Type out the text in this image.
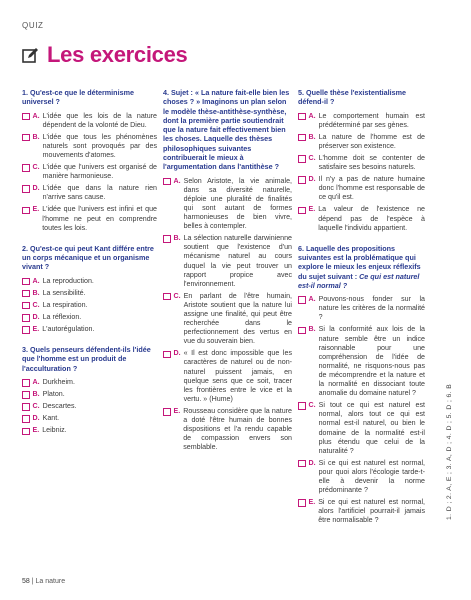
QUIZ
Les exercices
1. Qu'est-ce que le déterminisme universel ?
A. L'idée que les lois de la nature dépendent de la volonté de Dieu.
B. L'idée que tous les phénomènes naturels sont provoqués par des mouvements d'atomes.
C. L'idée que l'univers est organisé de manière harmonieuse.
D. L'idée que dans la nature rien n'arrive sans cause.
E. L'idée que l'univers est infini et que l'homme ne peut en comprendre toutes les lois.
2. Qu'est-ce qui peut Kant différe entre un corps mécanique et un organisme vivant ?
A. La reproduction.
B. La sensibilité.
C. La respiration.
D. La réflexion.
E. L'autorégulation.
3. Quels penseurs défendent-ils l'idée que l'homme est un produit de l'acculturation ?
A. Durkheim.
B. Platon.
C. Descartes.
D. Kant.
E. Leibniz.
4. Sujet : « La nature fait-elle bien les choses ? » Imaginons un plan selon le modèle thèse-antithèse-synthèse, dont la première partie soutiendrait que la nature fait effectivement bien les choses. Laquelle des thèses philosophiques suivantes contribuerait le mieux à l'argumentation dans l'antithèse ?
A. Selon Aristote, la vie animale, dans sa diversité naturelle, déploie une pluralité de finalités qui sont autant de formes harmonieuses de bien vivre, belles à contempler.
B. La sélection naturelle darwinienne soutient que l'existence d'un mécanisme naturel au cours duquel la vie peut trouver un rapport propice avec l'environnement.
C. En parlant de l'être humain, Aristote soutient que la nature lui assigne une finalité, qui peut être recherchée dans le perfectionnement des vertus en vue du souverain bien.
D. « Il est donc impossible que les caractères de naturel ou de non-naturel puissent jamais, en quelque sens que ce soit, tracer les frontières entre le vice et la vertu. » (Hume)
E. Rousseau considère que la nature a doté l'être humain de bonnes dispositions et l'a rendu capable de compassion envers son semblable.
5. Quelle thèse l'existentialisme défend-il ?
A. Le comportement humain est prédéterminé par ses gènes.
B. La nature de l'homme est de préserver son existence.
C. L'homme doit se contenter de satisfaire ses besoins naturels.
D. Il n'y a pas de nature humaine donc l'homme est responsable de ce qu'il est.
E. La valeur de l'existence ne dépend pas de l'espèce à laquelle l'individu appartient.
6. Laquelle des propositions suivantes est la problématique qui explore le mieux les enjeux réflexifs du sujet suivant : Ce qui est naturel est-il normal ?
A. Pouvons-nous fonder sur la nature les critères de la normalité ?
B. Si la conformité aux lois de la nature semble être un indice raisonnable pour une compréhension de l'idée de normalité, ne risquons-nous pas de mécomprendre et la nature et la normalité en dissociant toute anomalie du domaine naturel ?
C. Si tout ce qui est naturel est normal, alors tout ce qui est normal est-il naturel, ou bien le domaine de la normalité est-il plus étendu que celui de la naturalité ?
D. Si ce qui est naturel est normal, pour quoi alors l'écologie tarde-t-elle à devenir la norme prédominante ?
E. Si ce qui est naturel est normal, alors l'artificiel pourrait-il jamais être normalisable ?
1. D ; 2. A, E ; 3. A, D ; 4. D ; 5. D ; 6. B
58 | La nature
